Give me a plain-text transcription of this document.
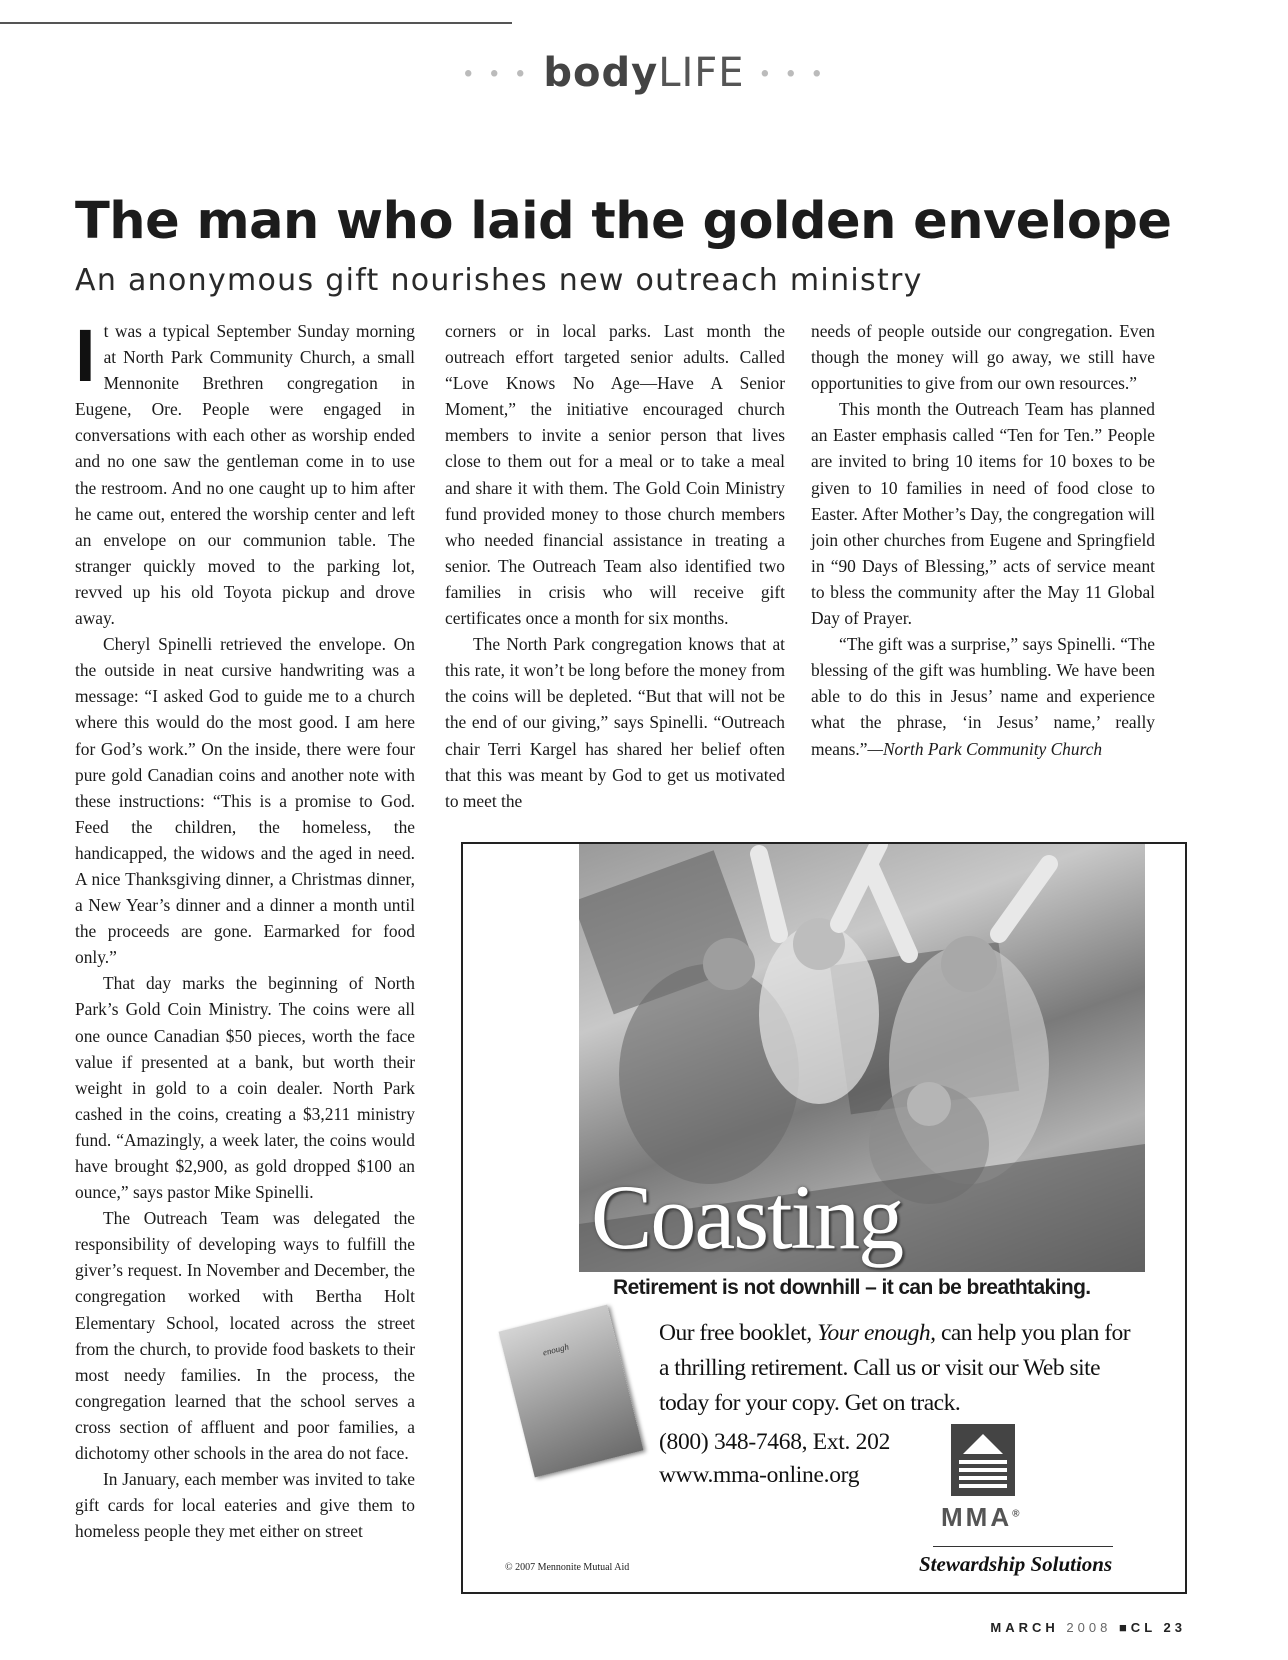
• • • bodyLIFE • • •
The man who laid the golden envelope
An anonymous gift nourishes new outreach ministry

It was a typical September Sunday morning at North Park Community Church, a small Mennonite Brethren congregation in Eugene, Ore. People were engaged in conversations with each other as worship ended and no one saw the gentleman come in to use the restroom. And no one caught up to him after he came out, entered the worship center and left an envelope on our communion table. The stranger quickly moved to the parking lot, revved up his old Toyota pickup and drove away.

Cheryl Spinelli retrieved the envelope. On the outside in neat cursive handwriting was a message: “I asked God to guide me to a church where this would do the most good. I am here for God’s work.” On the inside, there were four pure gold Canadian coins and another note with these instructions: “This is a promise to God. Feed the children, the homeless, the handicapped, the widows and the aged in need. A nice Thanksgiving dinner, a Christmas dinner, a New Year’s dinner and a dinner a month until the proceeds are gone. Earmarked for food only.”

That day marks the beginning of North Park’s Gold Coin Ministry. The coins were all one ounce Canadian $50 pieces, worth the face value if presented at a bank, but worth their weight in gold to a coin dealer. North Park cashed in the coins, creating a $3,211 ministry fund. “Amazingly, a week later, the coins would have brought $2,900, as gold dropped $100 an ounce,” says pastor Mike Spinelli.

The Outreach Team was delegated the responsibility of developing ways to fulfill the giver’s request. In November and December, the congregation worked with Bertha Holt Elementary School, located across the street from the church, to provide food baskets to their most needy families. In the process, the congregation learned that the school serves a cross section of affluent and poor families, a dichotomy other schools in the area do not face.

In January, each member was invited to take gift cards for local eateries and give them to homeless people they met either on street

corners or in local parks. Last month the outreach effort targeted senior adults. Called “Love Knows No Age—Have A Senior Moment,” the initiative encouraged church members to invite a senior person that lives close to them out for a meal or to take a meal and share it with them. The Gold Coin Ministry fund provided money to those church members who needed financial assistance in treating a senior. The Outreach Team also identified two families in crisis who will receive gift certificates once a month for six months.

The North Park congregation knows that at this rate, it won’t be long before the money from the coins will be depleted. “But that will not be the end of our giving,” says Spinelli. “Outreach chair Terri Kargel has shared her belief often that this was meant by God to get us motivated to meet the

needs of people outside our congregation. Even though the money will go away, we still have opportunities to give from our own resources.”

This month the Outreach Team has planned an Easter emphasis called “Ten for Ten.” People are invited to bring 10 items for 10 boxes to be given to 10 families in need of food close to Easter. After Mother’s Day, the congregation will join other churches from Eugene and Springfield in “90 Days of Blessing,” acts of service meant to bless the community after the May 11 Global Day of Prayer.

“The gift was a surprise,” says Spinelli. “The blessing of the gift was humbling. We have been able to do this in Jesus’ name and experience what the phrase, ‘in Jesus’ name,’ really means.”—North Park Community Church

Coasting
Retirement is not downhill – it can be breathtaking.
enough
Our free booklet, Your enough, can help you plan for a thrilling retirement. Call us or visit our Web site today for your copy. Get on track.
(800) 348-7468, Ext. 202
www.mma-online.org
MMA®
Stewardship Solutions
© 2007 Mennonite Mutual Aid
MARCH 2008 ■CL 23
